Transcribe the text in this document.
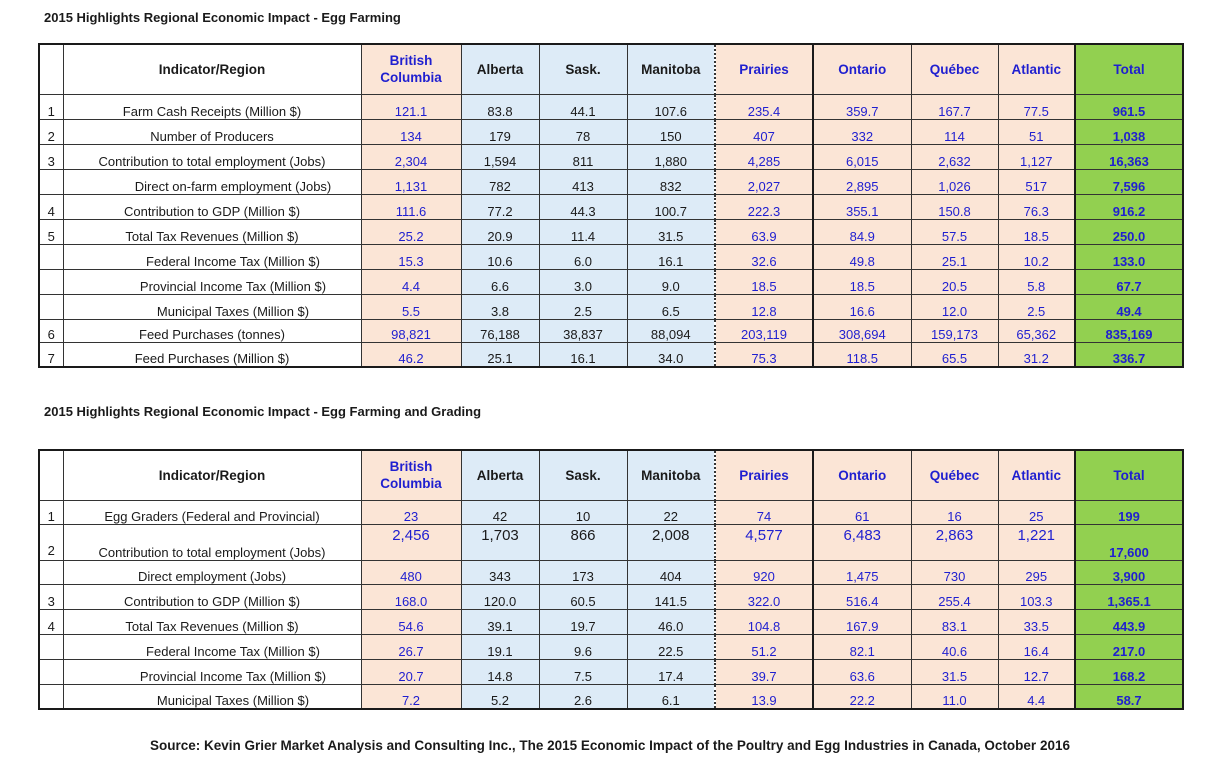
2015 Highlights Regional Economic Impact - Egg Farming
	Indicator/Region	British Columbia	Alberta	Sask.	Manitoba	Prairies	Ontario	Québec	Atlantic	Total
1	Farm Cash Receipts (Million $)	121.1	83.8	44.1	107.6	235.4	359.7	167.7	77.5	961.5
2	Number of Producers	134	179	78	150	407	332	114	51	1,038
3	Contribution to total employment (Jobs)	2,304	1,594	811	1,880	4,285	6,015	2,632	1,127	16,363
	Direct on-farm employment (Jobs)	1,131	782	413	832	2,027	2,895	1,026	517	7,596
4	Contribution to GDP (Million $)	111.6	77.2	44.3	100.7	222.3	355.1	150.8	76.3	916.2
5	Total Tax Revenues (Million $)	25.2	20.9	11.4	31.5	63.9	84.9	57.5	18.5	250.0
	Federal Income Tax (Million $)	15.3	10.6	6.0	16.1	32.6	49.8	25.1	10.2	133.0
	Provincial Income Tax (Million $)	4.4	6.6	3.0	9.0	18.5	18.5	20.5	5.8	67.7
	Municipal Taxes (Million $)	5.5	3.8	2.5	6.5	12.8	16.6	12.0	2.5	49.4
6	Feed Purchases (tonnes)	98,821	76,188	38,837	88,094	203,119	308,694	159,173	65,362	835,169
7	Feed Purchases (Million $)	46.2	25.1	16.1	34.0	75.3	118.5	65.5	31.2	336.7
2015 Highlights Regional Economic Impact - Egg Farming and Grading
	Indicator/Region	British Columbia	Alberta	Sask.	Manitoba	Prairies	Ontario	Québec	Atlantic	Total
1	Egg Graders (Federal and Provincial)	23	42	10	22	74	61	16	25	199
2	Contribution to total employment (Jobs)	2,456	1,703	866	2,008	4,577	6,483	2,863	1,221	17,600
	Direct employment (Jobs)	480	343	173	404	920	1,475	730	295	3,900
3	Contribution to GDP (Million $)	168.0	120.0	60.5	141.5	322.0	516.4	255.4	103.3	1,365.1
4	Total Tax Revenues (Million $)	54.6	39.1	19.7	46.0	104.8	167.9	83.1	33.5	443.9
	Federal Income Tax (Million $)	26.7	19.1	9.6	22.5	51.2	82.1	40.6	16.4	217.0
	Provincial Income Tax (Million $)	20.7	14.8	7.5	17.4	39.7	63.6	31.5	12.7	168.2
	Municipal Taxes (Million $)	7.2	5.2	2.6	6.1	13.9	22.2	11.0	4.4	58.7
Source: Kevin Grier Market Analysis and Consulting Inc., The 2015 Economic Impact of the Poultry and Egg Industries in Canada, October 2016
